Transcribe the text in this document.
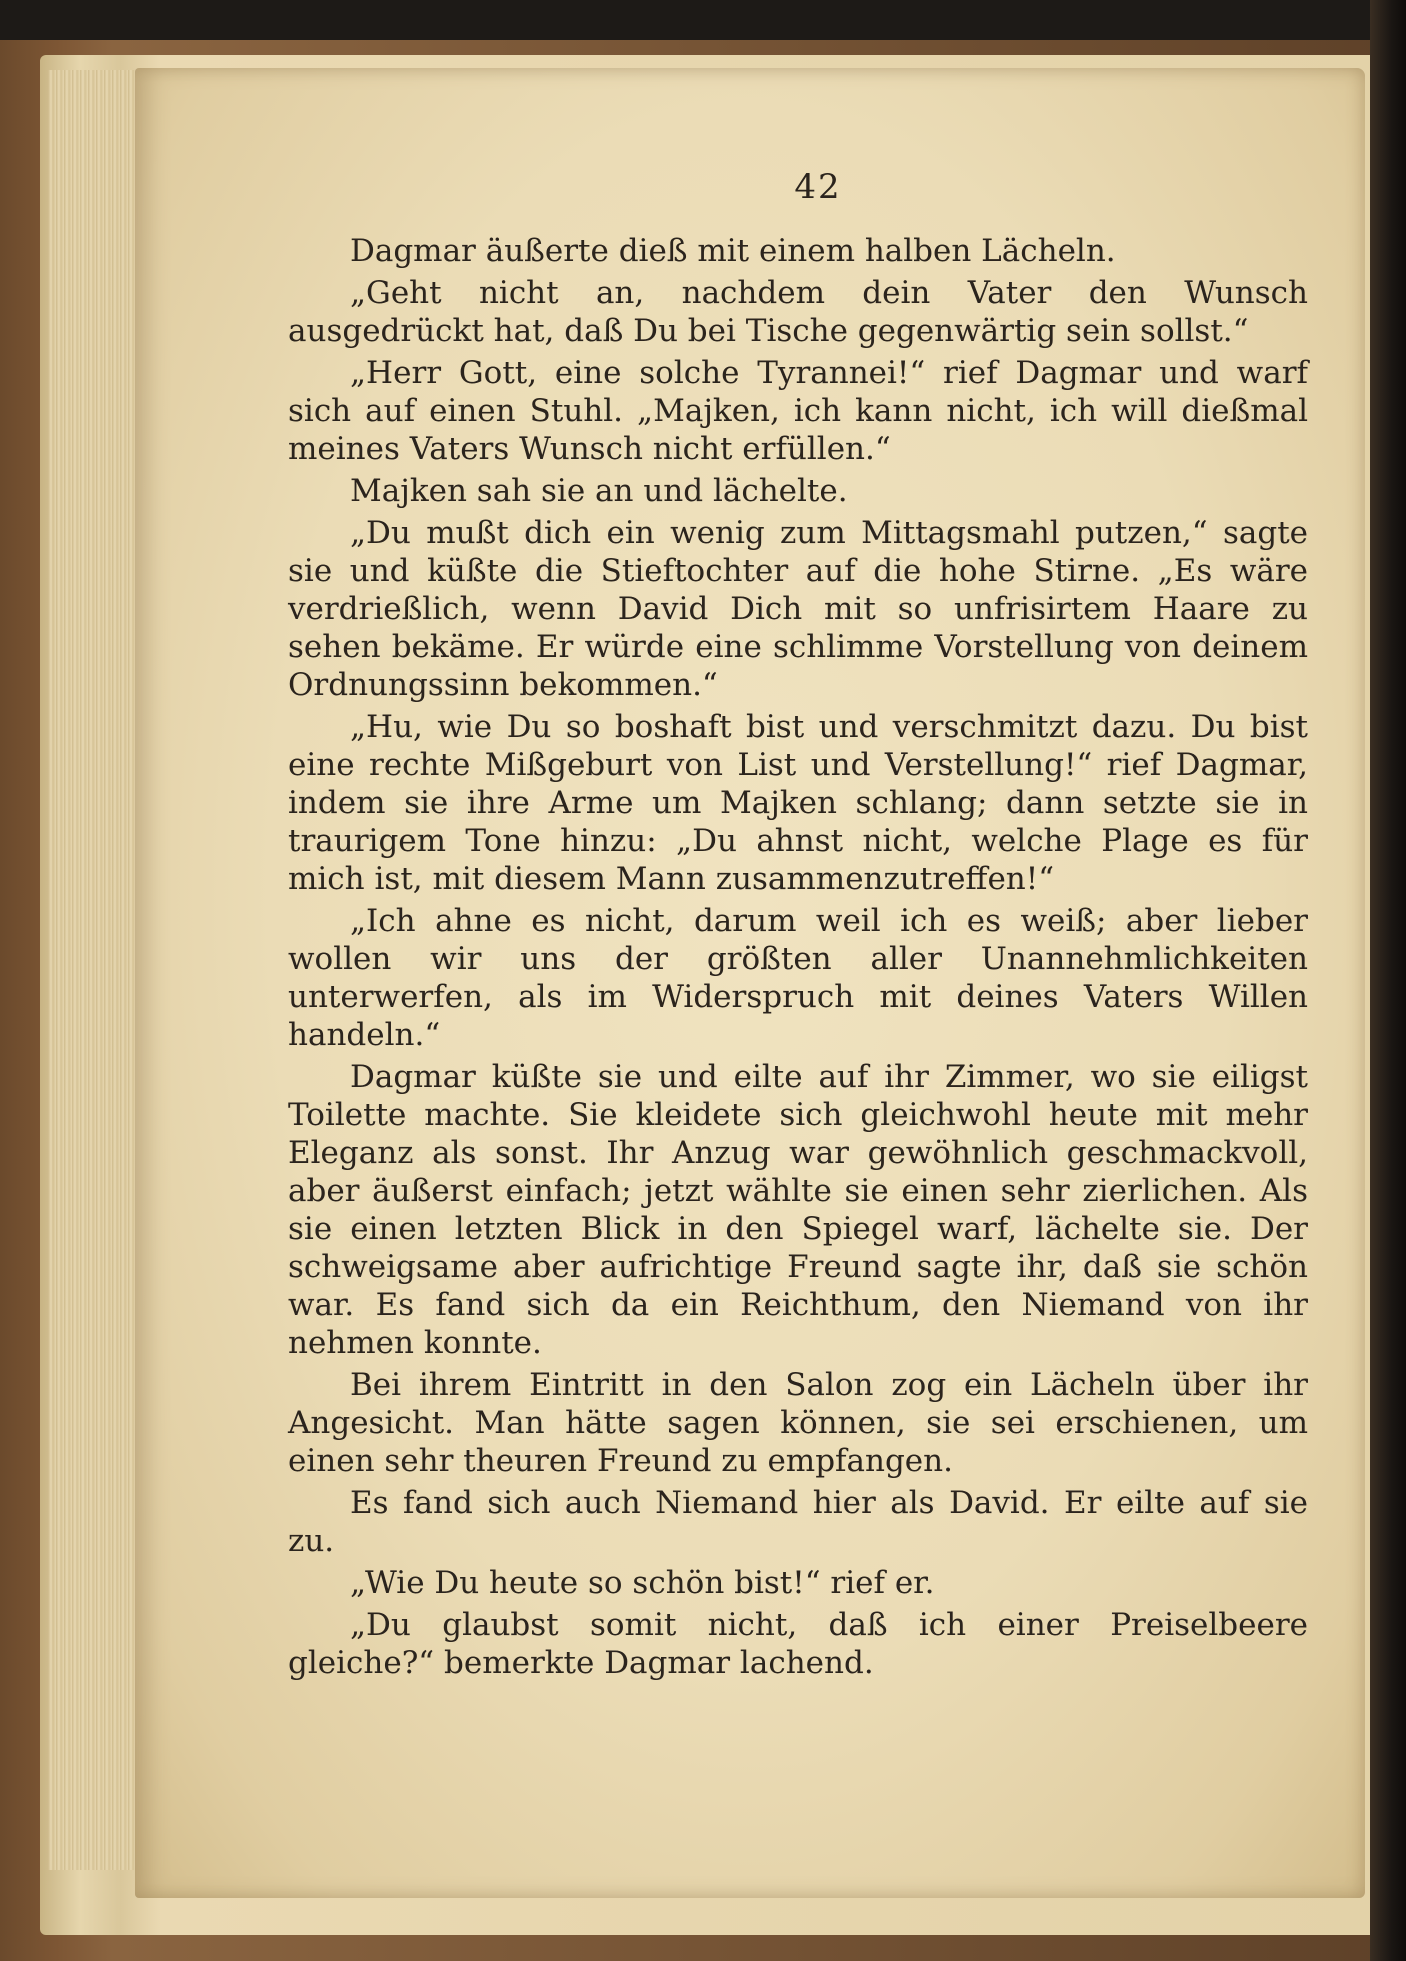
42

Dagmar äußerte dieß mit einem halben Lächeln.

„Geht nicht an, nachdem dein Vater den Wunsch ausgedrückt hat, daß Du bei Tische gegenwärtig sein sollst.“

„Herr Gott, eine solche Tyrannei!“ rief Dagmar und warf sich auf einen Stuhl. „Majken, ich kann nicht, ich will dießmal meines Vaters Wunsch nicht erfüllen.“

Majken sah sie an und lächelte.

„Du mußt dich ein wenig zum Mittagsmahl putzen,“ sagte sie und küßte die Stieftochter auf die hohe Stirne. „Es wäre verdrießlich, wenn David Dich mit so unfrisirtem Haare zu sehen bekäme. Er würde eine schlimme Vorstellung von deinem Ordnungssinn bekommen.“

„Hu, wie Du so boshaft bist und verschmitzt dazu. Du bist eine rechte Mißgeburt von List und Verstellung!“ rief Dagmar, indem sie ihre Arme um Majken schlang; dann setzte sie in traurigem Tone hinzu: „Du ahnst nicht, welche Plage es für mich ist, mit diesem Mann zusammenzutreffen!“

„Ich ahne es nicht, darum weil ich es weiß; aber lieber wollen wir uns der größten aller Unannehmlichkeiten unterwerfen, als im Widerspruch mit deines Vaters Willen handeln.“

Dagmar küßte sie und eilte auf ihr Zimmer, wo sie eiligst Toilette machte. Sie kleidete sich gleichwohl heute mit mehr Eleganz als sonst. Ihr Anzug war gewöhnlich geschmackvoll, aber äußerst einfach; jetzt wählte sie einen sehr zierlichen. Als sie einen letzten Blick in den Spiegel warf, lächelte sie. Der schweigsame aber aufrichtige Freund sagte ihr, daß sie schön war. Es fand sich da ein Reichthum, den Niemand von ihr nehmen konnte.

Bei ihrem Eintritt in den Salon zog ein Lächeln über ihr Angesicht. Man hätte sagen können, sie sei erschienen, um einen sehr theuren Freund zu empfangen.

Es fand sich auch Niemand hier als David. Er eilte auf sie zu.

„Wie Du heute so schön bist!“ rief er.

„Du glaubst somit nicht, daß ich einer Preiselbeere gleiche?“ bemerkte Dagmar lachend.
